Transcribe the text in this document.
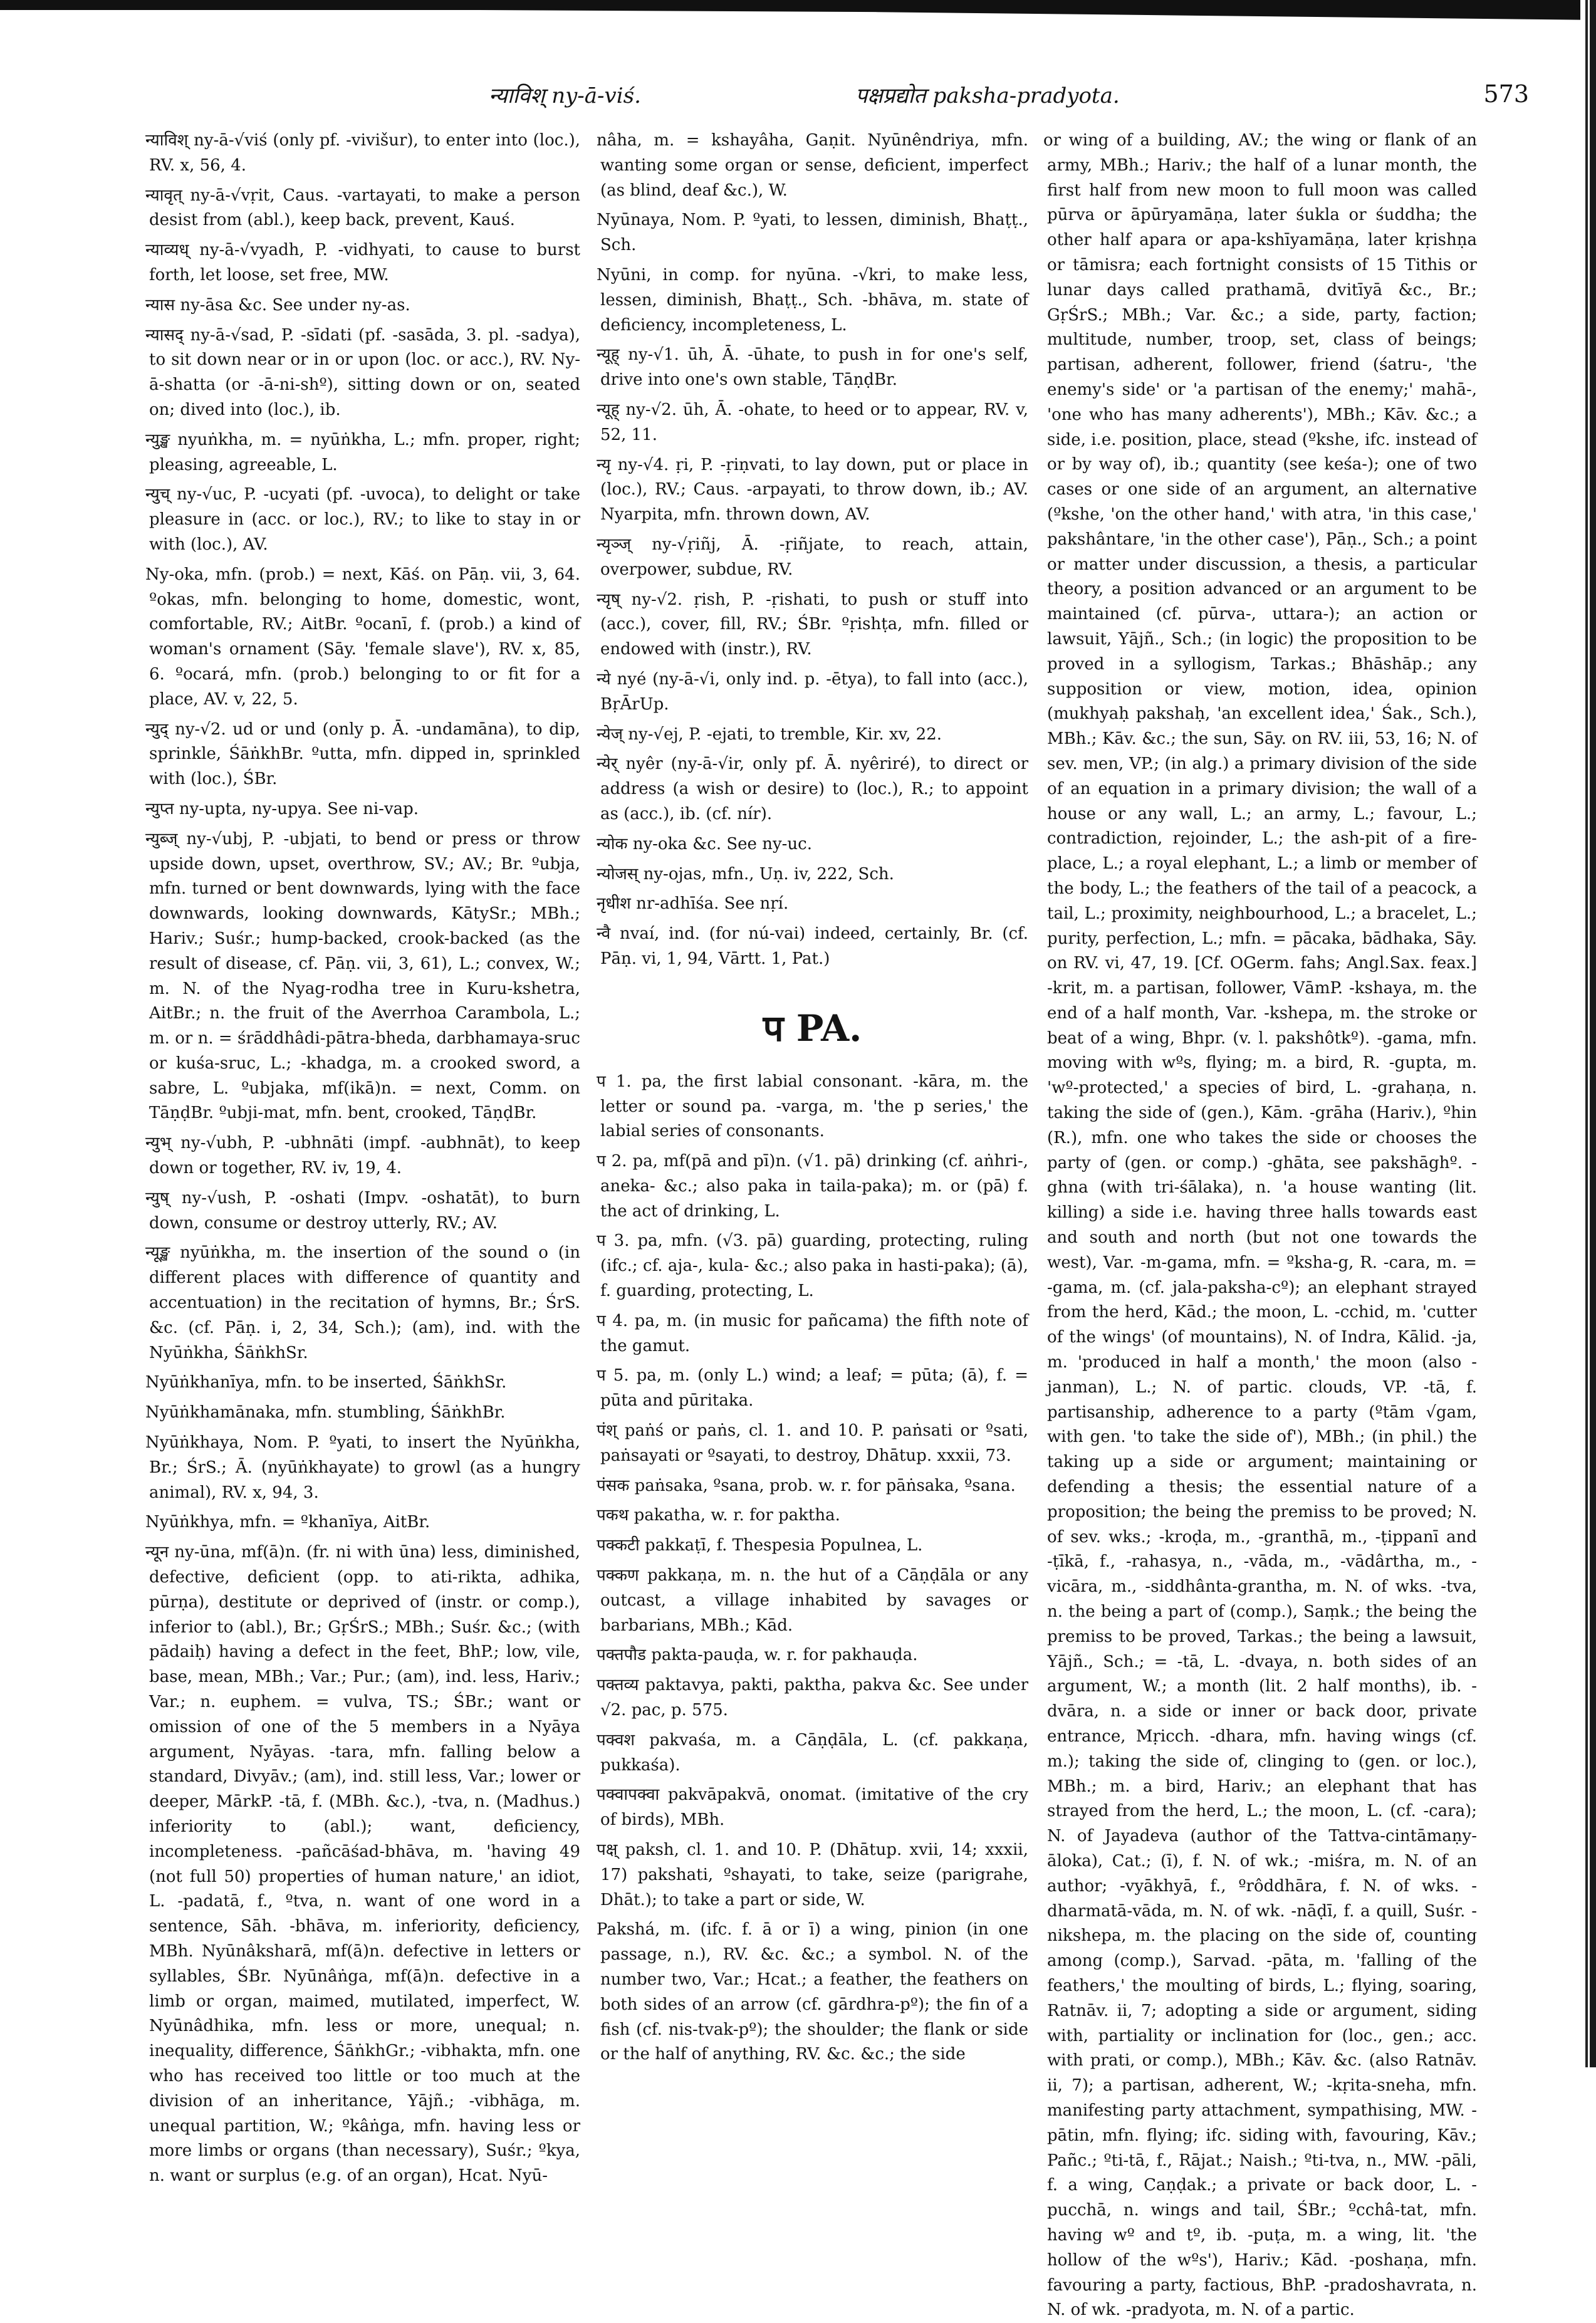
न्याविश् ny-ā-viś.	पक्षप्रद्योत paksha-pradyota.	573

न्याविश् ny-ā-√viś (only pf. -vivišur), to enter into (loc.), RV. x, 56, 4.

न्यावृत् ny-ā-√vṛit, Caus. -vartayati, to make a person desist from (abl.), keep back, prevent, Kauś.

न्याव्यध् ny-ā-√vyadh, P. -vidhyati, to cause to burst forth, let loose, set free, MW.

न्यास ny-āsa &c. See under ny-as.

न्यासद् ny-ā-√sad, P. -sīdati (pf. -sasāda, 3. pl. -sadya), to sit down near or in or upon (loc. or acc.), RV. Ny-ā-shatta (or -ā-ni-shº), sitting down or on, seated on; dived into (loc.), ib.

न्युङ्ख nyuṅkha, m. = nyūṅkha, L.; mfn. proper, right; pleasing, agreeable, L.

न्युच् ny-√uc, P. -ucyati (pf. -uvoca), to delight or take pleasure in (acc. or loc.), RV.; to like to stay in or with (loc.), AV.

Ny-oka, mfn. (prob.) = next, Kāś. on Pāṇ. vii, 3, 64. ºokas, mfn. belonging to home, domestic, wont, comfortable, RV.; AitBr. ºocanī, f. (prob.) a kind of woman's ornament (Sāy. 'female slave'), RV. x, 85, 6. ºocará, mfn. (prob.) belonging to or fit for a place, AV. v, 22, 5.

न्युद् ny-√2. ud or und (only p. Ā. -undamāna), to dip, sprinkle, ŚāṅkhBr. ºutta, mfn. dipped in, sprinkled with (loc.), ŚBr.

न्युप्त ny-upta, ny-upya. See ni-vap.

न्युब्ज् ny-√ubj, P. -ubjati, to bend or press or throw upside down, upset, overthrow, SV.; AV.; Br. ºubja, mfn. turned or bent downwards, lying with the face downwards, looking downwards, KātySr.; MBh.; Hariv.; Suśr.; hump-backed, crook-backed (as the result of disease, cf. Pāṇ. vii, 3, 61), L.; convex, W.; m. N. of the Nyag-rodha tree in Kuru-kshetra, AitBr.; n. the fruit of the Averrhoa Carambola, L.; m. or n. = śrāddhâdi-pātra-bheda, darbhamaya-sruc or kuśa-sruc, L.; -khadga, m. a crooked sword, a sabre, L. ºubjaka, mf(ikā)n. = next, Comm. on TāṇḍBr. ºubji-mat, mfn. bent, crooked, TāṇḍBr.

न्युभ् ny-√ubh, P. -ubhnāti (impf. -aubhnāt), to keep down or together, RV. iv, 19, 4.

न्युष् ny-√ush, P. -oshati (Impv. -oshatāt), to burn down, consume or destroy utterly, RV.; AV.

न्यूङ्ख nyūṅkha, m. the insertion of the sound o (in different places with difference of quantity and accentuation) in the recitation of hymns, Br.; ŚrS. &c. (cf. Pāṇ. i, 2, 34, Sch.); (am), ind. with the Nyūṅkha, ŚāṅkhSr.

Nyūṅkhanīya, mfn. to be inserted, ŚāṅkhSr.

Nyūṅkhamānaka, mfn. stumbling, ŚāṅkhBr.

Nyūṅkhaya, Nom. P. ºyati, to insert the Nyūṅkha, Br.; ŚrS.; Ā. (nyūṅkhayate) to growl (as a hungry animal), RV. x, 94, 3.

Nyūṅkhya, mfn. = ºkhanīya, AitBr.

न्यून ny-ūna, mf(ā)n. (fr. ni with ūna) less, diminished, defective, deficient (opp. to ati-rikta, adhika, pūrṇa), destitute or deprived of (instr. or comp.), inferior to (abl.), Br.; GṛŚrS.; MBh.; Suśr. &c.; (with pādaiḥ) having a defect in the feet, BhP.; low, vile, base, mean, MBh.; Var.; Pur.; (am), ind. less, Hariv.; Var.; n. euphem. = vulva, TS.; ŚBr.; want or omission of one of the 5 members in a Nyāya argument, Nyāyas. -tara, mfn. falling below a standard, Divyāv.; (am), ind. still less, Var.; lower or deeper, MārkP. -tā, f. (MBh. &c.), -tva, n. (Madhus.) inferiority to (abl.); want, deficiency, incompleteness. -pañcāśad-bhāva, m. 'having 49 (not full 50) properties of human nature,' an idiot, L. -padatā, f., ºtva, n. want of one word in a sentence, Sāh. -bhāva, m. inferiority, deficiency, MBh. Nyūnâksharā, mf(ā)n. defective in letters or syllables, ŚBr. Nyūnâṅga, mf(ā)n. defective in a limb or organ, maimed, mutilated, imperfect, W. Nyūnâdhika, mfn. less or more, unequal; n. inequality, difference, ŚāṅkhGr.; -vibhakta, mfn. one who has received too little or too much at the division of an inheritance, Yājñ.; -vibhāga, m. unequal partition, W.; ºkâṅga, mfn. having less or more limbs or organs (than necessary), Suśr.; ºkya, n. want or surplus (e.g. of an organ), Hcat. Nyū-

nâha, m. = kshayâha, Gaṇit. Nyūnêndriya, mfn. wanting some organ or sense, deficient, imperfect (as blind, deaf &c.), W.

Nyūnaya, Nom. P. ºyati, to lessen, diminish, Bhaṭṭ., Sch.

Nyūni, in comp. for nyūna. -√kri, to make less, lessen, diminish, Bhaṭṭ., Sch. -bhāva, m. state of deficiency, incompleteness, L.

न्यूह् ny-√1. ūh, Ā. -ūhate, to push in for one's self, drive into one's own stable, TāṇḍBr.

न्यूह् ny-√2. ūh, Ā. -ohate, to heed or to appear, RV. v, 52, 11.

न्यृ ny-√4. ṛi, P. -ṛiṇvati, to lay down, put or place in (loc.), RV.; Caus. -arpayati, to throw down, ib.; AV. Nyarpita, mfn. thrown down, AV.

न्यृञ्ज् ny-√ṛiñj, Ā. -ṛiñjate, to reach, attain, overpower, subdue, RV.

न्यृष् ny-√2. ṛish, P. -ṛishati, to push or stuff into (acc.), cover, fill, RV.; ŚBr. ºṛishṭa, mfn. filled or endowed with (instr.), RV.

न्ये nyé (ny-ā-√i, only ind. p. -ētya), to fall into (acc.), BṛĀrUp.

न्येज् ny-√ej, P. -ejati, to tremble, Kir. xv, 22.

न्येर् nyêr (ny-ā-√ir, only pf. Ā. nyêriré), to direct or address (a wish or desire) to (loc.), R.; to appoint as (acc.), ib. (cf. nír).

न्योक ny-oka &c. See ny-uc.

न्योजस् ny-ojas, mfn., Uṇ. iv, 222, Sch.

नृधीश nr-adhīśa. See nṛí.

न्वै nvaí, ind. (for nú-vai) indeed, certainly, Br. (cf. Pāṇ. vi, 1, 94, Vārtt. 1, Pat.)

प PA.

प 1. pa, the first labial consonant. -kāra, m. the letter or sound pa. -varga, m. 'the p series,' the labial series of consonants.

प 2. pa, mf(pā and pī)n. (√1. pā) drinking (cf. aṅhri-, aneka- &c.; also paka in taila-paka); m. or (pā) f. the act of drinking, L.

प 3. pa, mfn. (√3. pā) guarding, protecting, ruling (ifc.; cf. aja-, kula- &c.; also paka in hasti-paka); (ā), f. guarding, protecting, L.

प 4. pa, m. (in music for pañcama) the fifth note of the gamut.

प 5. pa, m. (only L.) wind; a leaf; = pūta; (ā), f. = pūta and pūritaka.

पंश् paṅś or paṅs, cl. 1. and 10. P. paṅsati or ºsati, paṅsayati or ºsayati, to destroy, Dhātup. xxxii, 73.

पंसक paṅsaka, ºsana, prob. w. r. for pāṅsaka, ºsana.

पकथ pakatha, w. r. for paktha.

पक्कटी pakkaṭī, f. Thespesia Populnea, L.

पक्कण pakkaṇa, m. n. the hut of a Cāṇḍāla or any outcast, a village inhabited by savages or barbarians, MBh.; Kād.

पक्तपौड pakta-pauḍa, w. r. for pakhauḍa.

पक्तव्य paktavya, pakti, paktha, pakva &c. See under √2. pac, p. 575.

पक्वश pakvaśa, m. a Cāṇḍāla, L. (cf. pakkaṇa, pukkaśa).

पक्वापक्वा pakvāpakvā, onomat. (imitative of the cry of birds), MBh.

पक्ष् paksh, cl. 1. and 10. P. (Dhātup. xvii, 14; xxxii, 17) pakshati, ºshayati, to take, seize (parigrahe, Dhāt.); to take a part or side, W.

Pakshá, m. (ifc. f. ā or ī) a wing, pinion (in one passage, n.), RV. &c. &c.; a symbol. N. of the number two, Var.; Hcat.; a feather, the feathers on both sides of an arrow (cf. gārdhra-pº); the fin of a fish (cf. nis-tvak-pº); the shoulder; the flank or side or the half of anything, RV. &c. &c.; the side

or wing of a building, AV.; the wing or flank of an army, MBh.; Hariv.; the half of a lunar month, the first half from new moon to full moon was called pūrva or āpūryamāṇa, later śukla or śuddha; the other half apara or apa-kshīyamāṇa, later kṛishṇa or tāmisra; each fortnight consists of 15 Tithis or lunar days called prathamā, dvitīyā &c., Br.; GṛŚrS.; MBh.; Var. &c.; a side, party, faction; multitude, number, troop, set, class of beings; partisan, adherent, follower, friend (śatru-, 'the enemy's side' or 'a partisan of the enemy;' mahā-, 'one who has many adherents'), MBh.; Kāv. &c.; a side, i.e. position, place, stead (ºkshe, ifc. instead of or by way of), ib.; quantity (see keśa-); one of two cases or one side of an argument, an alternative (ºkshe, 'on the other hand,' with atra, 'in this case,' pakshântare, 'in the other case'), Pāṇ., Sch.; a point or matter under discussion, a thesis, a particular theory, a position advanced or an argument to be maintained (cf. pūrva-, uttara-); an action or lawsuit, Yājñ., Sch.; (in logic) the proposition to be proved in a syllogism, Tarkas.; Bhāshāp.; any supposition or view, motion, idea, opinion (mukhyaḥ pakshaḥ, 'an excellent idea,' Śak., Sch.), MBh.; Kāv. &c.; the sun, Sāy. on RV. iii, 53, 16; N. of sev. men, VP.; (in alg.) a primary division of the side of an equation in a primary division; the wall of a house or any wall, L.; an army, L.; favour, L.; contradiction, rejoinder, L.; the ash-pit of a fire-place, L.; a royal elephant, L.; a limb or member of the body, L.; the feathers of the tail of a peacock, a tail, L.; proximity, neighbourhood, L.; a bracelet, L.; purity, perfection, L.; mfn. = pācaka, bādhaka, Sāy. on RV. vi, 47, 19. [Cf. OGerm. fahs; Angl.Sax. feax.] -krit, m. a partisan, follower, VāmP. -kshaya, m. the end of a half month, Var. -kshepa, m. the stroke or beat of a wing, Bhpr. (v. l. pakshôtkº). -gama, mfn. moving with wºs, flying; m. a bird, R. -gupta, m. 'wº-protected,' a species of bird, L. -grahaṇa, n. taking the side of (gen.), Kām. -grāha (Hariv.), ºhin (R.), mfn. one who takes the side or chooses the party of (gen. or comp.) -ghāta, see pakshāghº. -ghna (with tri-śālaka), n. 'a house wanting (lit. killing) a side i.e. having three halls towards east and south and north (but not one towards the west), Var. -m-gama, mfn. = ºksha-g, R. -cara, m. = -gama, m. (cf. jala-paksha-cº); an elephant strayed from the herd, Kād.; the moon, L. -cchid, m. 'cutter of the wings' (of mountains), N. of Indra, Kālid. -ja, m. 'produced in half a month,' the moon (also -janman), L.; N. of partic. clouds, VP. -tā, f. partisanship, adherence to a party (ºtām √gam, with gen. 'to take the side of'), MBh.; (in phil.) the taking up a side or argument; maintaining or defending a thesis; the essential nature of a proposition; the being the premiss to be proved; N. of sev. wks.; -kroḍa, m., -granthā, m., -ṭippanī and -ṭīkā, f., -rahasya, n., -vāda, m., -vādârtha, m., -vicāra, m., -siddhânta-grantha, m. N. of wks. -tva, n. the being a part of (comp.), Saṃk.; the being the premiss to be proved, Tarkas.; the being a lawsuit, Yājñ., Sch.; = -tā, L. -dvaya, n. both sides of an argument, W.; a month (lit. 2 half months), ib. -dvāra, n. a side or inner or back door, private entrance, Mṛicch. -dhara, mfn. having wings (cf. m.); taking the side of, clinging to (gen. or loc.), MBh.; m. a bird, Hariv.; an elephant that has strayed from the herd, L.; the moon, L. (cf. -cara); N. of Jayadeva (author of the Tattva-cintāmaṇy-āloka), Cat.; (ī), f. N. of wk.; -miśra, m. N. of an author; -vyākhyā, f., ºrôddhāra, f. N. of wks. -dharmatā-vāda, m. N. of wk. -nāḍī, f. a quill, Suśr. -nikshepa, m. the placing on the side of, counting among (comp.), Sarvad. -pāta, m. 'falling of the feathers,' the moulting of birds, L.; flying, soaring, Ratnāv. ii, 7; adopting a side or argument, siding with, partiality or inclination for (loc., gen.; acc. with prati, or comp.), MBh.; Kāv. &c. (also Ratnāv. ii, 7); a partisan, adherent, W.; -kṛita-sneha, mfn. manifesting party attachment, sympathising, MW. -pātin, mfn. flying; ifc. siding with, favouring, Kāv.; Pañc.; ºti-tā, f., Rājat.; Naish.; ºti-tva, n., MW. -pāli, f. a wing, Caṇḍak.; a private or back door, L. -pucchā, n. wings and tail, ŚBr.; ºcchâ-tat, mfn. having wº and tº, ib. -puṭa, m. a wing, lit. 'the hollow of the wºs'), Hariv.; Kād. -poshaṇa, mfn. favouring a party, factious, BhP. -pradoshavrata, n. N. of wk. -pradyota, m. N. of a partic.
